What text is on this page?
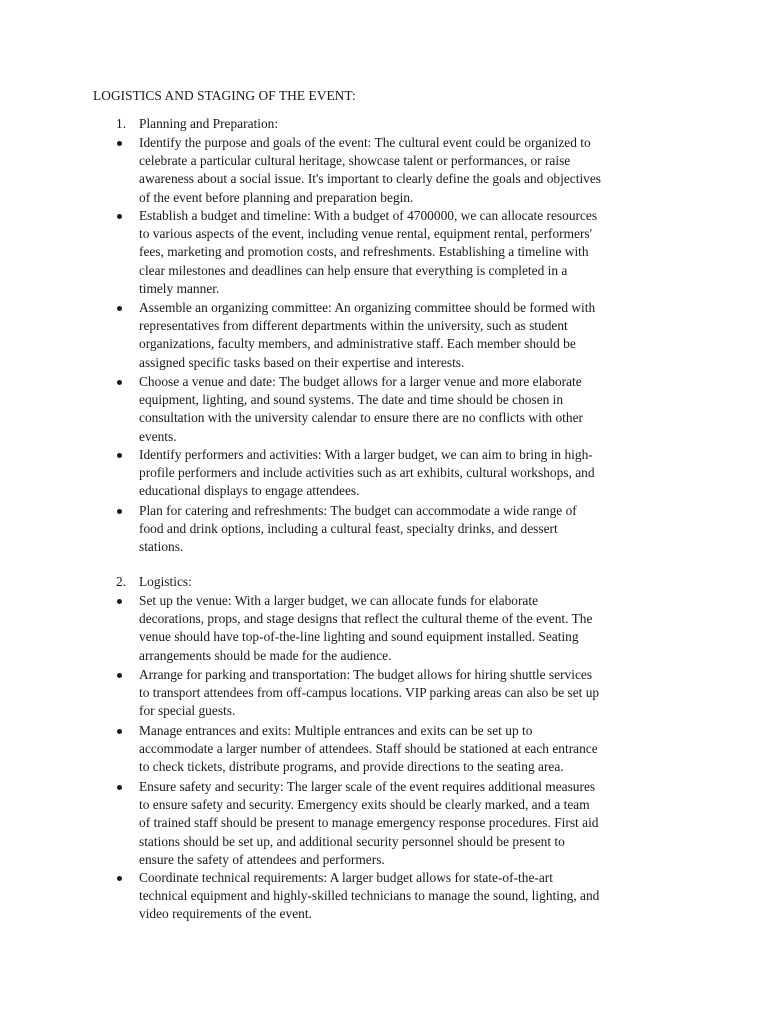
LOGISTICS AND STAGING OF THE EVENT:
1. Planning and Preparation:
Identify the purpose and goals of the event: The cultural event could be organized to
celebrate a particular cultural heritage, showcase talent or performances, or raise
awareness about a social issue. It's important to clearly define the goals and objectives
of the event before planning and preparation begin.
Establish a budget and timeline: With a budget of 4700000, we can allocate resources
to various aspects of the event, including venue rental, equipment rental, performers'
fees, marketing and promotion costs, and refreshments. Establishing a timeline with
clear milestones and deadlines can help ensure that everything is completed in a
timely manner.
Assemble an organizing committee: An organizing committee should be formed with
representatives from different departments within the university, such as student
organizations, faculty members, and administrative staff. Each member should be
assigned specific tasks based on their expertise and interests.
Choose a venue and date: The budget allows for a larger venue and more elaborate
equipment, lighting, and sound systems. The date and time should be chosen in
consultation with the university calendar to ensure there are no conflicts with other
events.
Identify performers and activities: With a larger budget, we can aim to bring in high-
profile performers and include activities such as art exhibits, cultural workshops, and
educational displays to engage attendees.
Plan for catering and refreshments: The budget can accommodate a wide range of
food and drink options, including a cultural feast, specialty drinks, and dessert
stations.
2. Logistics:
Set up the venue: With a larger budget, we can allocate funds for elaborate
decorations, props, and stage designs that reflect the cultural theme of the event. The
venue should have top-of-the-line lighting and sound equipment installed. Seating
arrangements should be made for the audience.
Arrange for parking and transportation: The budget allows for hiring shuttle services
to transport attendees from off-campus locations. VIP parking areas can also be set up
for special guests.
Manage entrances and exits: Multiple entrances and exits can be set up to
accommodate a larger number of attendees. Staff should be stationed at each entrance
to check tickets, distribute programs, and provide directions to the seating area.
Ensure safety and security: The larger scale of the event requires additional measures
to ensure safety and security. Emergency exits should be clearly marked, and a team
of trained staff should be present to manage emergency response procedures. First aid
stations should be set up, and additional security personnel should be present to
ensure the safety of attendees and performers.
Coordinate technical requirements: A larger budget allows for state-of-the-art
technical equipment and highly-skilled technicians to manage the sound, lighting, and
video requirements of the event.
